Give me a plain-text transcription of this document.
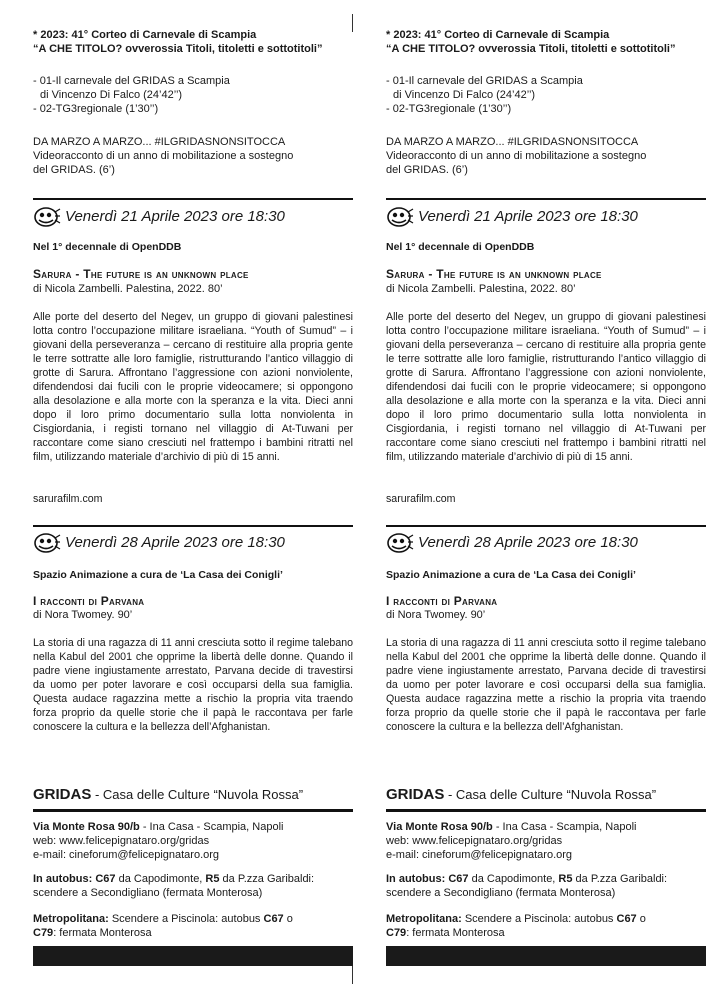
* 2023: 41° Corteo di Carnevale di Scampia
“A CHE TITOLO? ovverossia Titoli, titoletti e sottotitoli”
- 01-Il carnevale del GRIDAS a Scampia
di Vincenzo Di Falco (24’42’’)
- 02-TG3regionale (1’30’’)
DA MARZO A MARZO... #ILGRIDASNONSITOCCA
Videoracconto di un anno di mobilitazione a sostegno
del GRIDAS. (6’)
Venerdì 21 Aprile 2023 ore 18:30
Nel 1° decennale di OpenDDB
Sarura - The future is an unknown place
di Nicola Zambelli. Palestina, 2022. 80’
Alle porte del deserto del Negev, un gruppo di giovani palestinesi lotta contro l’occupazione militare israeliana. “Youth of Sumud” – i giovani della perseveranza – cercano di restituire alla propria gente le terre sottratte alle loro famiglie, ristrutturando l’antico villaggio di grotte di Sarura. Affrontano l’aggressione con azioni nonviolente, difendendosi dai fucili con le proprie videocamere; si oppongono alla desolazione e alla morte con la speranza e la vita. Dieci anni dopo il loro primo documentario sulla lotta nonviolenta in Cisgiordania, i registi tornano nel villaggio di At-Tuwani per raccontare come siano cresciuti nel frattempo i bambini ritratti nel film, utilizzando materiale d’archivio di più di 15 anni.
sarurafilm.com
Venerdì 28 Aprile 2023 ore 18:30
Spazio Animazione a cura de ‘La Casa dei Conigli’
I racconti di Parvana
di Nora Twomey. 90’
La storia di una ragazza di 11 anni cresciuta sotto il regime talebano nella Kabul del 2001 che opprime la libertà delle donne. Quando il padre viene ingiustamente arrestato, Parvana decide di travestirsi da uomo per poter lavorare e così occuparsi della sua famiglia. Questa audace ragazzina mette a rischio la propria vita traendo forza proprio da quelle storie che il papà le raccontava per farle conoscere la cultura e la bellezza dell’Afghanistan.
GRIDAS - Casa delle Culture “Nuvola Rossa”
Via Monte Rosa 90/b - Ina Casa - Scampia, Napoli
web: www.felicepignataro.org/gridas
e-mail: cineforum@felicepignataro.org
In autobus: C67 da Capodimonte, R5 da P.zza Garibaldi:
scendere a Secondigliano (fermata Monterosa)
Metropolitana: Scendere a Piscinola: autobus C67 o
C79: fermata Monterosa
* 2023: 41° Corteo di Carnevale di Scampia
“A CHE TITOLO? ovverossia Titoli, titoletti e sottotitoli”
- 01-Il carnevale del GRIDAS a Scampia
di Vincenzo Di Falco (24’42’’)
- 02-TG3regionale (1’30’’)
DA MARZO A MARZO... #ILGRIDASNONSITOCCA
Videoracconto di un anno di mobilitazione a sostegno
del GRIDAS. (6’)
Venerdì 21 Aprile 2023 ore 18:30
Nel 1° decennale di OpenDDB
Sarura - The future is an unknown place
di Nicola Zambelli. Palestina, 2022. 80’
Alle porte del deserto del Negev, un gruppo di giovani palestinesi lotta contro l’occupazione militare israeliana. “Youth of Sumud” – i giovani della perseveranza – cercano di restituire alla propria gente le terre sottratte alle loro famiglie, ristrutturando l’antico villaggio di grotte di Sarura. Affrontano l’aggressione con azioni nonviolente, difendendosi dai fucili con le proprie videocamere; si oppongono alla desolazione e alla morte con la speranza e la vita. Dieci anni dopo il loro primo documentario sulla lotta nonviolenta in Cisgiordania, i registi tornano nel villaggio di At-Tuwani per raccontare come siano cresciuti nel frattempo i bambini ritratti nel film, utilizzando materiale d’archivio di più di 15 anni.
sarurafilm.com
Venerdì 28 Aprile 2023 ore 18:30
Spazio Animazione a cura de ‘La Casa dei Conigli’
I racconti di Parvana
di Nora Twomey. 90’
La storia di una ragazza di 11 anni cresciuta sotto il regime talebano nella Kabul del 2001 che opprime la libertà delle donne. Quando il padre viene ingiustamente arrestato, Parvana decide di travestirsi da uomo per poter lavorare e così occuparsi della sua famiglia. Questa audace ragazzina mette a rischio la propria vita traendo forza proprio da quelle storie che il papà le raccontava per farle conoscere la cultura e la bellezza dell’Afghanistan.
GRIDAS - Casa delle Culture “Nuvola Rossa”
Via Monte Rosa 90/b - Ina Casa - Scampia, Napoli
web: www.felicepignataro.org/gridas
e-mail: cineforum@felicepignataro.org
In autobus: C67 da Capodimonte, R5 da P.zza Garibaldi:
scendere a Secondigliano (fermata Monterosa)
Metropolitana: Scendere a Piscinola: autobus C67 o
C79: fermata Monterosa
